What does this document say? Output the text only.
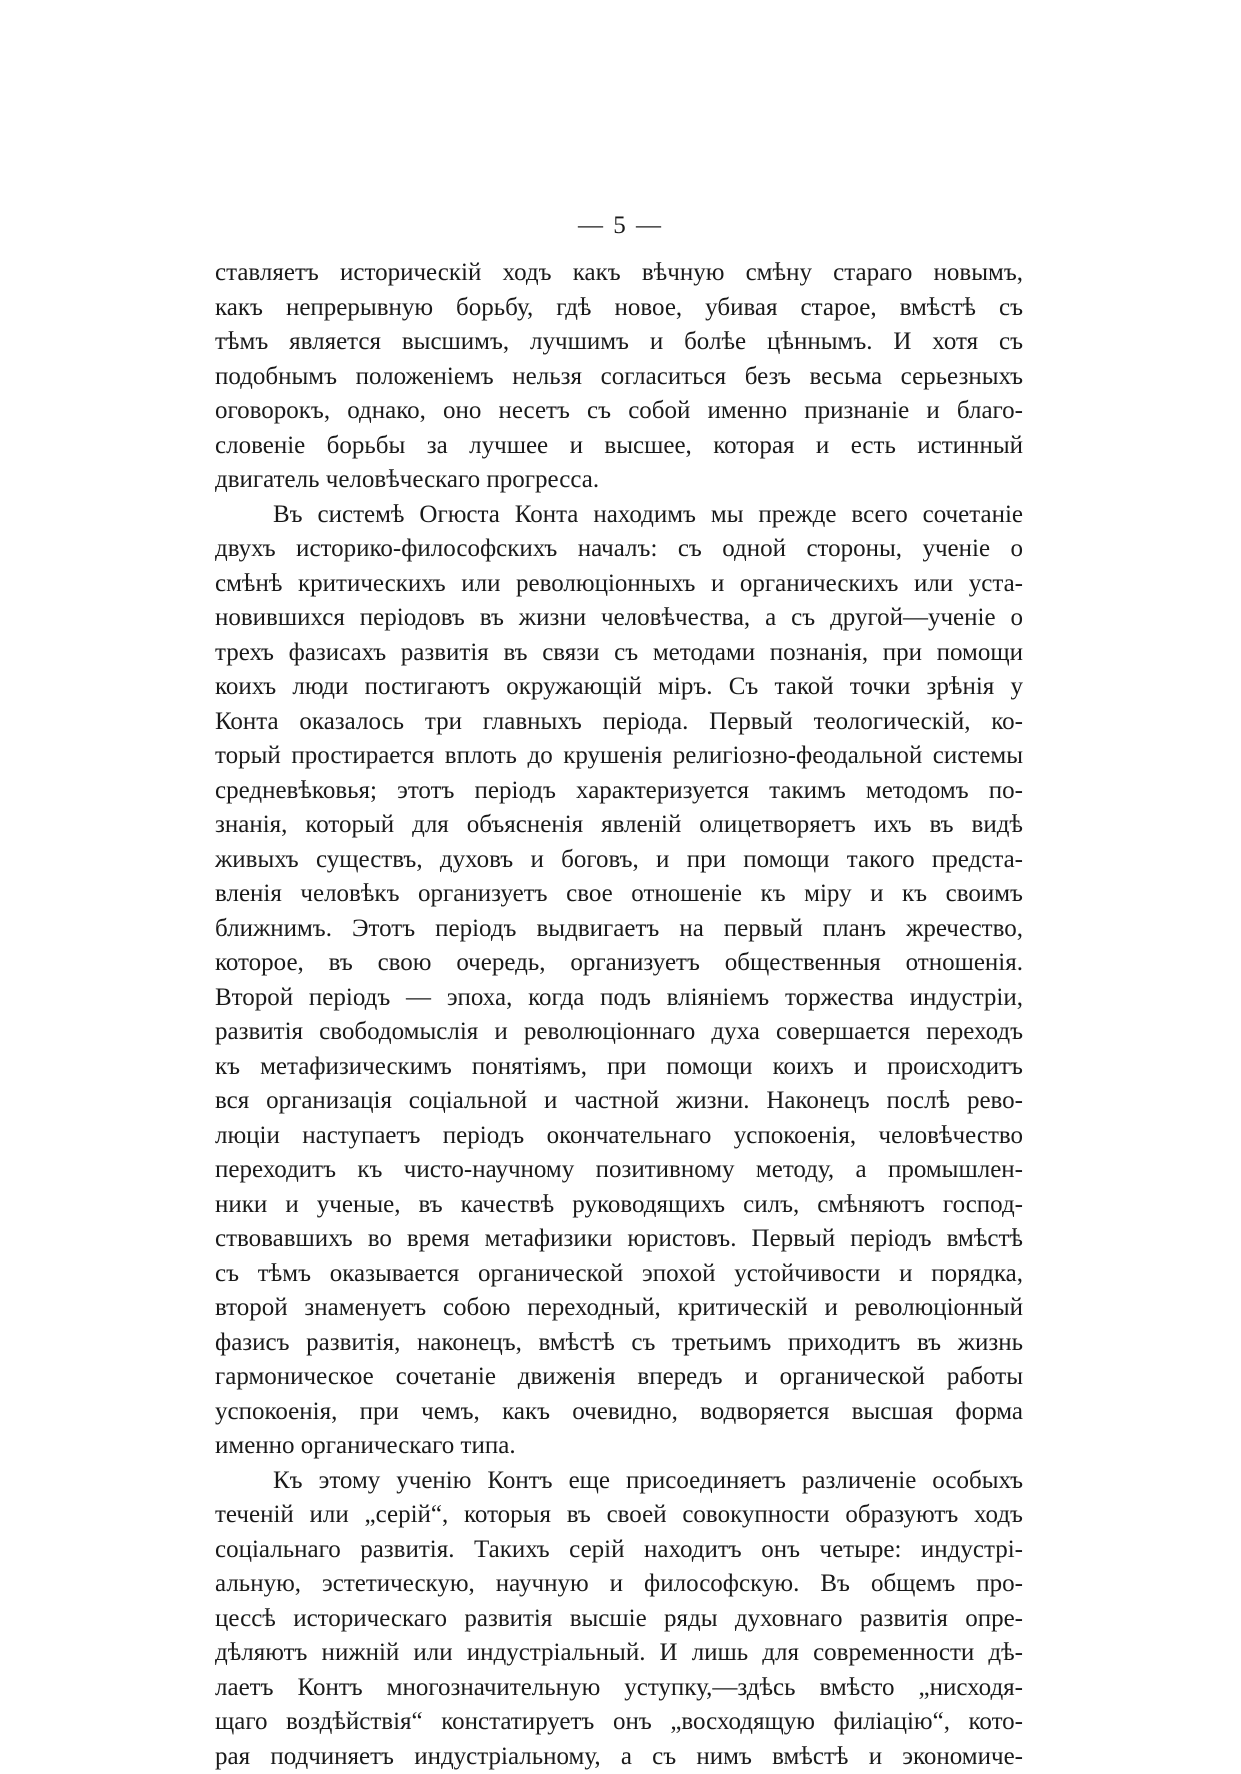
— 5 —
ставляетъ историческій ходъ какъ вѣчную смѣну стараго новымъ,
какъ непрерывную борьбу, гдѣ новое, убивая старое, вмѣстѣ съ
тѣмъ является высшимъ, лучшимъ и болѣе цѣннымъ. И хотя съ
подобнымъ положеніемъ нельзя согласиться безъ весьма серьезныхъ
оговорокъ, однако, оно несетъ съ собой именно признаніе и благо-
словеніе борьбы за лучшее и высшее, которая и есть истинный
двигатель человѣческаго прогресса.
Въ системѣ Огюста Конта находимъ мы прежде всего сочетаніе
двухъ историко-философскихъ началъ: съ одной стороны, ученіе о
смѣнѣ критическихъ или революціонныхъ и органическихъ или уста-
новившихся періодовъ въ жизни человѣчества, а съ другой—ученіе о
трехъ фазисахъ развитія въ связи съ методами познанія, при помощи
коихъ люди постигаютъ окружающій міръ. Съ такой точки зрѣнія у
Конта оказалось три главныхъ періода. Первый теологическій, ко-
торый простирается вплоть до крушенія религіозно-феодальной системы
средневѣковья; этотъ періодъ характеризуется такимъ методомъ по-
знанія, который для объясненія явленій олицетворяетъ ихъ въ видѣ
живыхъ существъ, духовъ и боговъ, и при помощи такого предста-
вленія человѣкъ организуетъ свое отношеніе къ міру и къ своимъ
ближнимъ. Этотъ періодъ выдвигаетъ на первый планъ жречество,
которое, въ свою очередь, организуетъ общественныя отношенія.
Второй періодъ — эпоха, когда подъ вліяніемъ торжества индустріи,
развитія свободомыслія и революціоннаго духа совершается переходъ
къ метафизическимъ понятіямъ, при помощи коихъ и происходитъ
вся организація соціальной и частной жизни. Наконецъ послѣ рево-
люціи наступаетъ періодъ окончательнаго успокоенія, человѣчество
переходитъ къ чисто-научному позитивному методу, а промышлен-
ники и ученые, въ качествѣ руководящихъ силъ, смѣняютъ господ-
ствовавшихъ во время метафизики юристовъ. Первый періодъ вмѣстѣ
съ тѣмъ оказывается органической эпохой устойчивости и порядка,
второй знаменуетъ собою переходный, критическій и революціонный
фазисъ развитія, наконецъ, вмѣстѣ съ третьимъ приходитъ въ жизнь
гармоническое сочетаніе движенія впередъ и органической работы
успокоенія, при чемъ, какъ очевидно, водворяется высшая форма
именно органическаго типа.
Къ этому ученію Контъ еще присоединяетъ различеніе особыхъ
теченій или „серій“, которыя въ своей совокупности образуютъ ходъ
соціальнаго развитія. Такихъ серій находитъ онъ четыре: индустрі-
альную, эстетическую, научную и философскую. Въ общемъ про-
цессѣ историческаго развитія высшіе ряды духовнаго развитія опре-
дѣляютъ нижній или индустріальный. И лишь для современности дѣ-
лаетъ Контъ многозначительную уступку,—здѣсь вмѣсто „нисходя-
щаго воздѣйствія“ констатируетъ онъ „восходящую филіацію“, кото-
рая подчиняетъ индустріальному, а съ нимъ вмѣстѣ и экономиче-
